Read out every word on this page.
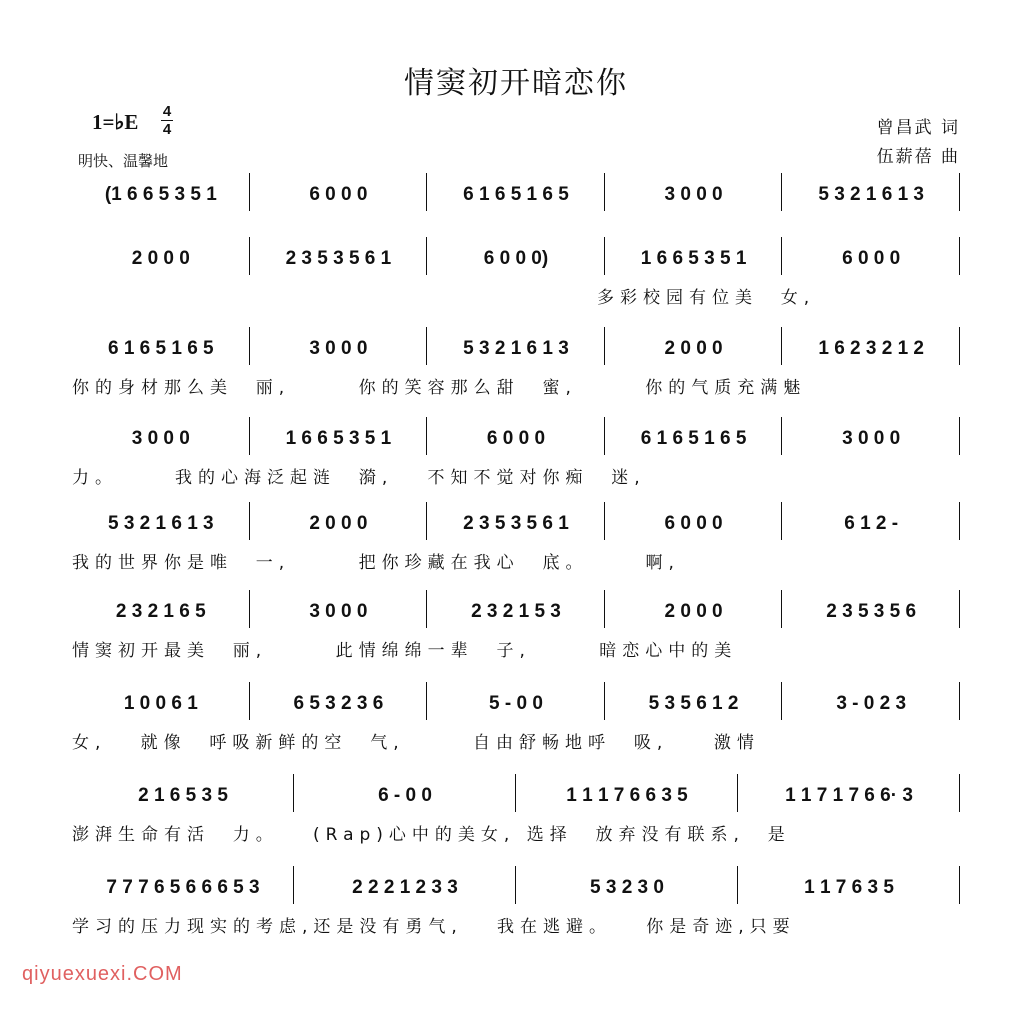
情窦初开暗恋你
1=♭E 4
4
明快、温馨地
曾昌武 词
伍薪蓓 曲
(1 6 6 5 3 5 1	6 0 0 0	6 1 6 5 1 6 5	3 0 0 0	5 3 2 1 6 1 3
2 0 0 0	2 3 5 3 5 6 1	6 0 0 0)	1 6 6 5 3 5 1	6 0 0 0
多彩校园有位美  女,
6 1 6 5 1 6 5	3 0 0 0	5 3 2 1 6 1 3	2 0 0 0	1 6 2 3 2 1 2
你的身材那么美  丽,      你的笑容那么甜  蜜,      你的气质充满魅
3 0 0 0	1 6 6 5 3 5 1	6 0 0 0	6 1 6 5 1 6 5	3 0 0 0
力。     我的心海泛起涟  漪,   不知不觉对你痴  迷,
5 3 2 1 6 1 3	2 0 0 0	2 3 5 3 5 6 1	6 0 0 0	6 1 2 -
我的世界你是唯  一,      把你珍藏在我心  底。     啊,
2 3 2 1 6 5	3 0 0 0	2 3 2 1 5 3	2 0 0 0	2 3 5 3 5 6
情窦初开最美  丽,      此情绵绵一辈  子,      暗恋心中的美
1 0 0 6 1	6 5 3 2 3 6	5 - 0 0	5 3 5 6 1 2	3 - 0 2 3
女,   就像  呼吸新鲜的空  气,      自由舒畅地呼  吸,    激情
2 1 6 5 3 5	6 - 0 0	1 1 1 7 6 6 3 5	1 1 7 1 7 6 6· 3
澎湃生命有活  力。   (Rap)心中的美女, 选择  放弃没有联系,  是
7 7 7 6 5 6 6 6 5 3	2 2 2 1 2 3 3	5 3 2 3 0	1 1 7 6 3 5
学习的压力现实的考虑,还是没有勇气,   我在逃避。   你是奇迹,只要
qiyuexuexi.COM
